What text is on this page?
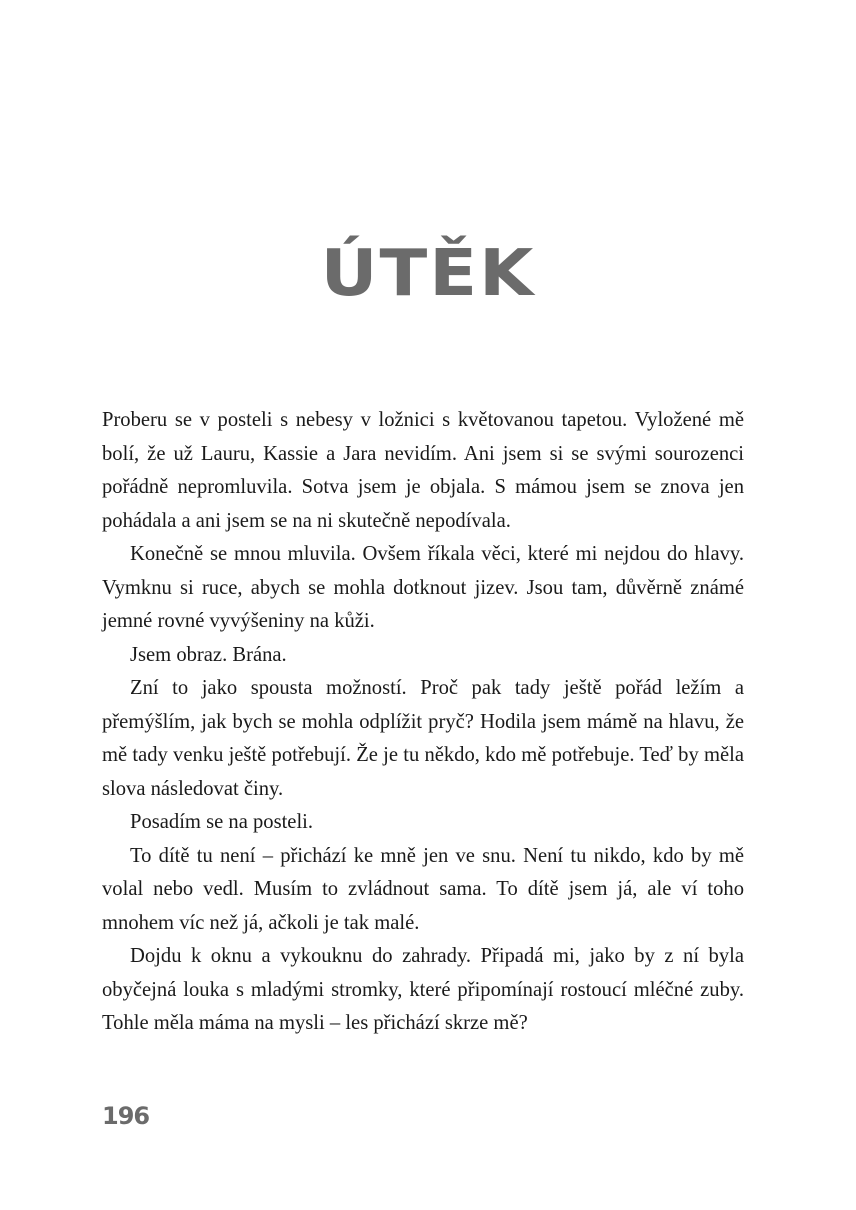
ÚTĚK

Proberu se v posteli s nebesy v ložnici s květovanou tapetou. Vyložené mě bolí, že už Lauru, Kassie a Jara nevidím. Ani jsem si se svými sourozenci pořádně nepromluvila. Sotva jsem je objala. S mámou jsem se znova jen pohádala a ani jsem se na ni skutečně nepodívala.

Konečně se mnou mluvila. Ovšem říkala věci, které mi nejdou do hlavy. Vymknu si ruce, abych se mohla dotknout jizev. Jsou tam, důvěrně známé jemné rovné vyvýšeniny na kůži.

Jsem obraz. Brána.

Zní to jako spousta možností. Proč pak tady ještě pořád ležím a přemýšlím, jak bych se mohla odplížit pryč? Hodila jsem mámě na hlavu, že mě tady venku ještě potřebují. Že je tu někdo, kdo mě potřebuje. Teď by měla slova následovat činy.

Posadím se na posteli.

To dítě tu není – přichází ke mně jen ve snu. Není tu nikdo, kdo by mě volal nebo vedl. Musím to zvládnout sama. To dítě jsem já, ale ví toho mnohem víc než já, ačkoli je tak malé.

Dojdu k oknu a vykouknu do zahrady. Připadá mi, jako by z ní byla obyčejná louka s mladými stromky, které připomínají rostoucí mléčné zuby. Tohle měla máma na mysli – les přichází skrze mě?

196
